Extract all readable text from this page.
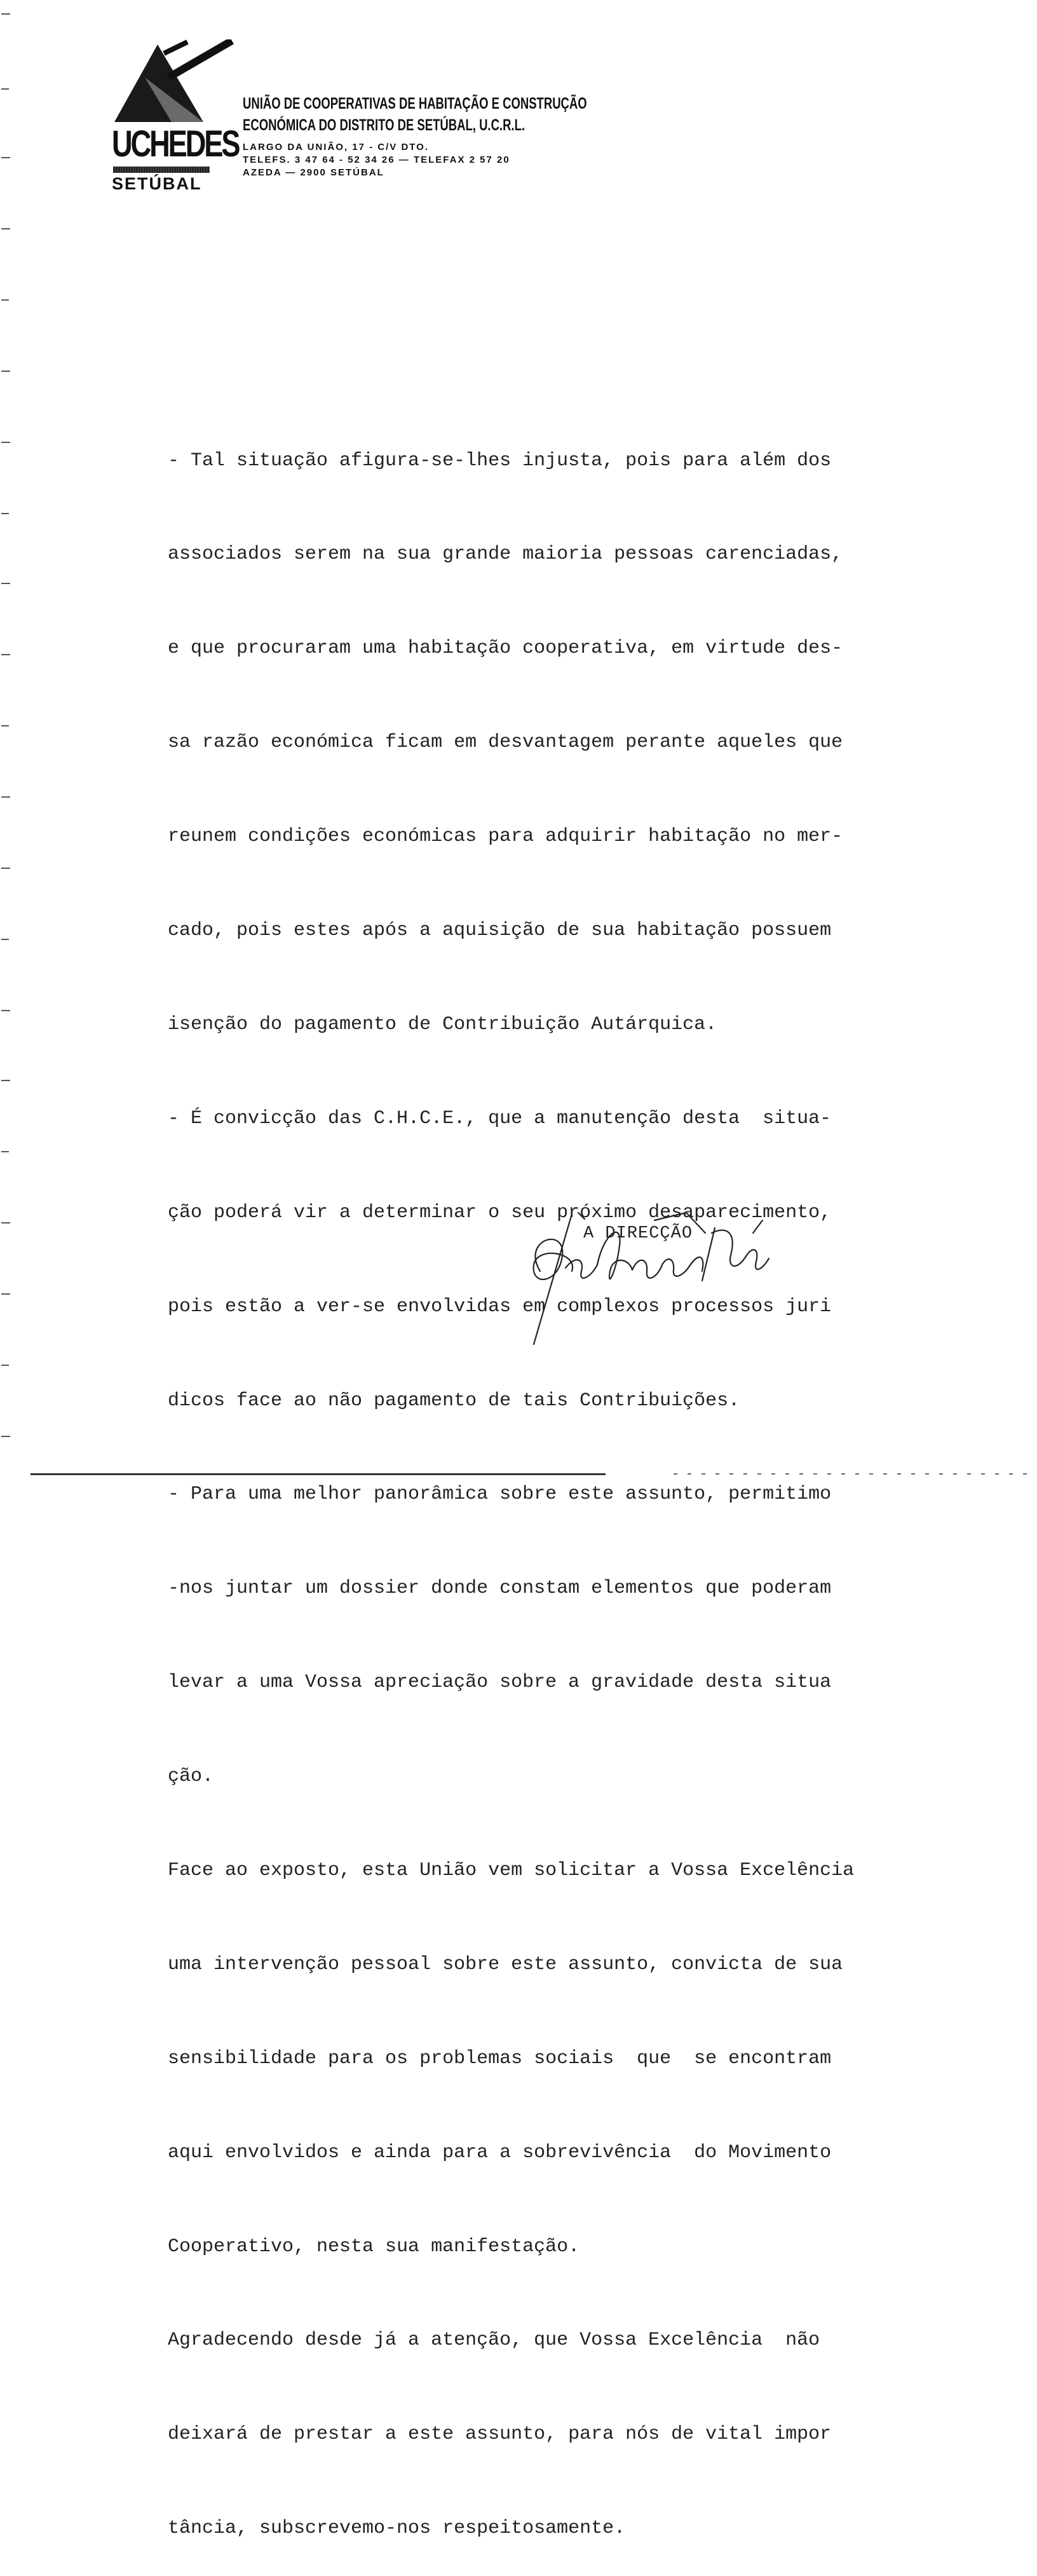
UCHEDES
SETÚBAL
UNIÃO DE COOPERATIVAS DE HABITAÇÃO E CONSTRUÇÃO
ECONÓMICA DO DISTRITO DE SETÚBAL, U.C.R.L.
LARGO DA UNIÃO, 17 - C/V DTO.
TELEFS. 3 47 64 - 52 34 26 — TELEFAX 2 57 20
AZEDA — 2900 SETÚBAL

- Tal situação afigura-se-lhes injusta, pois para além dos

associados serem na sua grande maioria pessoas carenciadas,

e que procuraram uma habitação cooperativa, em virtude des-

sa razão económica ficam em desvantagem perante aqueles que

reunem condições económicas para adquirir habitação no mer-

cado, pois estes após a aquisição de sua habitação possuem

isenção do pagamento de Contribuição Autárquica.

- É convicção das C.H.C.E., que a manutenção desta  situa-

ção poderá vir a determinar o seu próximo desaparecimento,

pois estão a ver-se envolvidas em complexos processos juri

dicos face ao não pagamento de tais Contribuições.

- Para uma melhor panorâmica sobre este assunto, permitimo

-nos juntar um dossier donde constam elementos que poderam

levar a uma Vossa apreciação sobre a gravidade desta situa

ção.

Face ao exposto, esta União vem solicitar a Vossa Excelência

uma intervenção pessoal sobre este assunto, convicta de sua

sensibilidade para os problemas sociais  que  se encontram

aqui envolvidos e ainda para a sobrevivência  do Movimento

Cooperativo, nesta sua manifestação.

Agradecendo desde já a atenção, que Vossa Excelência  não

deixará de prestar a este assunto, para nós de vital impor

tância, subscrevemo-nos respeitosamente.

A DIRECÇÃO
